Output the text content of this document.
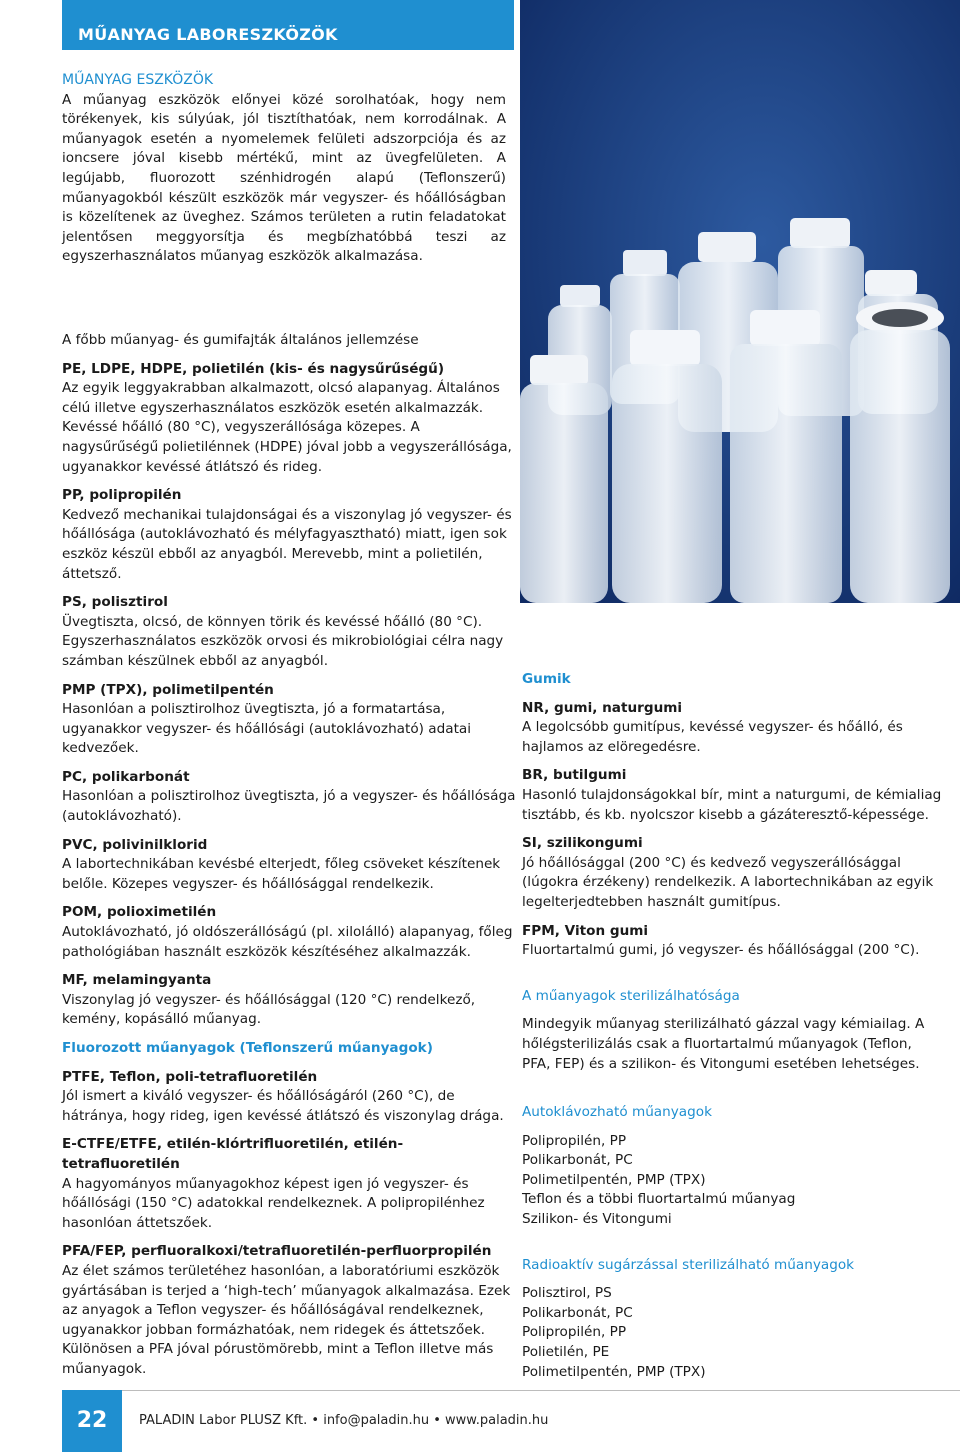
MŰANYAG LABORESZKÖZÖK

MŰANYAG ESZKÖZÖK

A műanyag eszközök előnyei közé sorolhatóak, hogy nem törékenyek, kis súlyúak, jól tisztíthatóak, nem korrodálnak. A műanyagok esetén a nyomelemek felületi adszorpciója és az ioncsere jóval kisebb mértékű, mint az üvegfelületen. A legújabb, fluorozott szénhidrogén alapú (Teflonszerű) műanyagokból készült eszközök már vegyszer- és hőállóságban is közelítenek az üveghez. Számos területen a rutin feladatokat jelentősen meggyorsítja és megbízhatóbbá teszi az egyszerhasználatos műanyag eszközök alkalmazása.

A főbb műanyag- és gumifajták általános jellemzése

PE, LDPE, HDPE, polietilén (kis- és nagysűrűségű)

Az egyik leggyakrabban alkalmazott, olcsó alapanyag. Általános célú illetve egyszerhasználatos eszközök esetén alkalmazzák. Kevéssé hőálló (80 °C), vegyszerállósága közepes. A nagysűrűségű polietilénnek (HDPE) jóval jobb a vegyszerállósága, ugyanakkor kevéssé átlátszó és rideg.

PP, polipropilén

Kedvező mechanikai tulajdonságai és a viszonylag jó vegyszer- és hőállósága (autoklávozható és mélyfagyasztható) miatt, igen sok eszköz készül ebből az anyagból. Merevebb, mint a polietilén, áttetsző.

PS, polisztirol

Üvegtiszta, olcsó, de könnyen törik és kevéssé hőálló (80 °C). Egyszerhasználatos eszközök orvosi és mikrobiológiai célra nagy számban készülnek ebből az anyagból.

PMP (TPX), polimetilpentén

Hasonlóan a polisztirolhoz üvegtiszta, jó a formatartása, ugyanakkor vegyszer- és hőállósági (autoklávozható) adatai kedvezőek.

PC, polikarbonát

Hasonlóan a polisztirolhoz üvegtiszta, jó a vegyszer- és hőállósága (autoklávozható).

PVC, polivinilklorid

A labortechnikában kevésbé elterjedt, főleg csöveket készítenek belőle. Közepes vegyszer- és hőállósággal rendelkezik.

POM, polioximetilén

Autoklávozható, jó oldószerállóságú (pl. xilolálló) alapanyag, főleg pathológiában használt eszközök készítéséhez alkalmazzák.

MF, melamingyanta

Viszonylag jó vegyszer- és hőállósággal (120 °C) rendelkező, kemény, kopásálló műanyag.

Fluorozott műanyagok (Teflonszerű műanyagok)

PTFE, Teflon, poli-tetrafluoretilén

Jól ismert a kiváló vegyszer- és hőállóságáról (260 °C), de hátránya, hogy rideg, igen kevéssé átlátszó és viszonylag drága.

E-CTFE/ETFE, etilén-klórtrifluoretilén, etilén-tetrafluoretilén

A hagyományos műanyagokhoz képest igen jó vegyszer- és hőállósági (150 °C) adatokkal rendelkeznek. A polipropilénhez hasonlóan áttetszőek.

PFA/FEP, perfluoralkoxi/tetrafluoretilén-perfluorpropilén

Az élet számos területéhez hasonlóan, a laboratóriumi eszközök gyártásában is terjed a ‘high-tech’ műanyagok alkalmazása. Ezek az anyagok a Teflon vegyszer- és hőállóságával rendelkeznek, ugyanakkor jobban formázhatóak, nem ridegek és áttetszőek. Különösen a PFA jóval pórustömörebb, mint a Teflon illetve más műanyagok.

Gumik

NR, gumi, naturgumi

A legolcsóbb gumitípus, kevéssé vegyszer- és hőálló, és hajlamos az elöregedésre.

BR, butilgumi

Hasonló tulajdonságokkal bír, mint a naturgumi, de kémialiag tisztább, és kb. nyolcszor kisebb a gázáteresztő-képessége.

SI, szilikongumi

Jó hőállósággal (200 °C) és kedvező vegyszerállósággal (lúgokra érzékeny) rendelkezik. A labortechnikában az egyik legelterjedtebben használt gumitípus.

FPM, Viton gumi

Fluortartalmú gumi, jó vegyszer- és hőállósággal (200 °C).

A műanyagok sterilizálhatósága

Mindegyik műanyag sterilizálható gázzal vagy kémiailag. A hőlégsterilizálás csak a fluortartalmú műanyagok (Teflon, PFA, FEP) és a szilikon- és Vitongumi esetében lehetséges.

Autoklávozható műanyagok

Polipropilén, PP

Polikarbonát, PC

Polimetilpentén, PMP (TPX)

Teflon és a többi fluortartalmú műanyag

Szilikon- és Vitongumi

Radioaktív sugárzással sterilizálható műanyagok

Polisztirol, PS

Polikarbonát, PC

Polipropilén, PP

Polietilén, PE

Polimetilpentén, PMP (TPX)

22	PALADIN Labor PLUSZ Kft. • info@paladin.hu • www.paladin.hu
